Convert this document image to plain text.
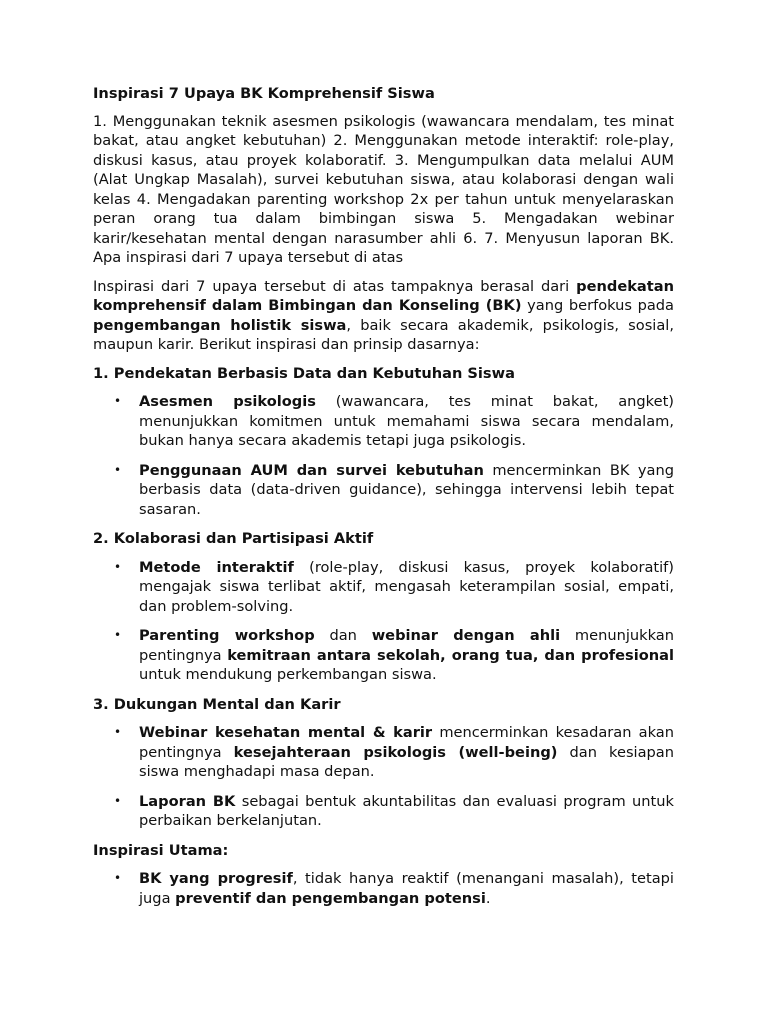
Inspirasi 7 Upaya BK Komprehensif Siswa

1. Menggunakan teknik asesmen psikologis (wawancara mendalam, tes minat bakat, atau angket kebutuhan) 2. Menggunakan metode interaktif: role-play, diskusi kasus, atau proyek kolaboratif. 3. Mengumpulkan data melalui AUM (Alat Ungkap Masalah), survei kebutuhan siswa, atau kolaborasi dengan wali kelas 4. Mengadakan parenting workshop 2x per tahun untuk menyelaraskan peran orang tua dalam bimbingan siswa 5. Mengadakan webinar karir/kesehatan mental dengan narasumber ahli 6. 7. Menyusun laporan BK. Apa inspirasi dari 7 upaya tersebut di atas

Inspirasi dari 7 upaya tersebut di atas tampaknya berasal dari pendekatan komprehensif dalam Bimbingan dan Konseling (BK) yang berfokus pada pengembangan holistik siswa, baik secara akademik, psikologis, sosial, maupun karir. Berikut inspirasi dan prinsip dasarnya:

1. Pendekatan Berbasis Data dan Kebutuhan Siswa
• Asesmen psikologis (wawancara, tes minat bakat, angket) menunjukkan komitmen untuk memahami siswa secara mendalam, bukan hanya secara akademis tetapi juga psikologis.
• Penggunaan AUM dan survei kebutuhan mencerminkan BK yang berbasis data (data-driven guidance), sehingga intervensi lebih tepat sasaran.
2. Kolaborasi dan Partisipasi Aktif
• Metode interaktif (role-play, diskusi kasus, proyek kolaboratif) mengajak siswa terlibat aktif, mengasah keterampilan sosial, empati, dan problem-solving.
• Parenting workshop dan webinar dengan ahli menunjukkan pentingnya kemitraan antara sekolah, orang tua, dan profesional untuk mendukung perkembangan siswa.
3. Dukungan Mental dan Karir
• Webinar kesehatan mental & karir mencerminkan kesadaran akan pentingnya kesejahteraan psikologis (well-being) dan kesiapan siswa menghadapi masa depan.
• Laporan BK sebagai bentuk akuntabilitas dan evaluasi program untuk perbaikan berkelanjutan.
Inspirasi Utama:
• BK yang progresif, tidak hanya reaktif (menangani masalah), tetapi juga preventif dan pengembangan potensi.
